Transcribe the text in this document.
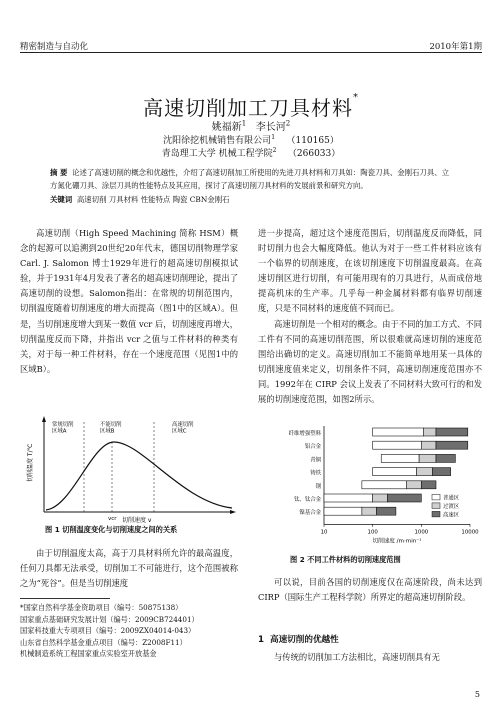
精密制造与自动化	2010年第1期
高速切削加工刀具材料*
姚福新$^1$ 李长河$^2$
沈阳徐挖机械销售有限公司$^1$ （110165）
青岛理工大学 机械工程学院$^2$ （266033）
摘 要 论述了高速切削的概念和优越性，介绍了高速切削加工所使用的先进刀具材料和刀具如：陶瓷刀具、金刚石刀具、立方氮化硼刀具、涂层刀具的性能特点及其应用，探讨了高速切削刀具材料的发展前景和研究方向。
关键词 高速切削 刀具材料 性能特点 陶瓷 CBN金刚石

高速切削（High Speed Machining 简称 HSM）概念的起源可以追溯到20世纪20年代末，德国切削物理学家 Carl. J. Salomon 博士1929年进行的超高速切削模拟试验，并于1931年4月发表了著名的超高速切削理论，提出了高速切削的设想。Salomon指出：在常规的切削范围内，切削温度随着切削速度的增大而提高（图1中的区域A）。但是，当切削速度增大到某一数值 vcr 后，切削速度再增大，切削温度反而下降，并指出 vcr 之值与工件材料的种类有关，对于每一种工件材料，存在一个速度范围（见图1中的区域B）。

常规切削 区域A
不能切削 区域B
高速切削 区域C
切削温度 T/℃
vcr 切削速度 v
图 1 切削温度变化与切削速度之间的关系

由于切削温度太高，高于刀具材料所允许的最高温度，任何刀具都无法承受，切削加工不可能进行，这个范围被称之为“死谷”。但是当切削速度

*国家自然科学基金资助项目（编号：50875138）
国家重点基础研究发展计划（编号：2009CB724401）
国家科技重大专项项目（编号：2009ZX04014-043）
山东省自然科学基金重点项目（编号：Z2008F11）
机械制造系统工程国家重点实验室开放基金

进一步提高，超过这个速度范围后，切削温度反而降低，同时切削力也会大幅度降低。他认为对于一些工件材料应该有一个临界的切削速度，在该切削速度下切削温度最高。在高速切削区进行切削，有可能用现有的刀具进行，从而成倍地提高机床的生产率。几乎每一种金属材料都有临界切削速度，只是不同材料的速度值不同而已。

高速切削是一个相对的概念。由于不同的加工方式、不同工件有不同的高速切削范围，所以很难就高速切削的速度范围给出确切的定义。高速切削加工不能简单地用某一具体的切削速度值来定义，切削条件不同，高速切削速度范围亦不同。1992年在 CIRP 会议上发表了不同材料大致可行的和发展的切削速度范围，如图2所示。

纤维增强塑料
铝合金
青铜
铸铁
钢
钛、钛合金
镍基合金
10	100	1000	10000
切削速度 /m·min⁻¹
普通区
过渡区
高速区
图 2 不同工件材料的切削速度范围

可以说，目前各国的切削速度仅在高速阶段，尚未达到 CIRP（国际生产工程科学院）所界定的超高速切削阶段。

1 高速切削的优越性

与传统的切削加工方法相比，高速切削具有无

5
